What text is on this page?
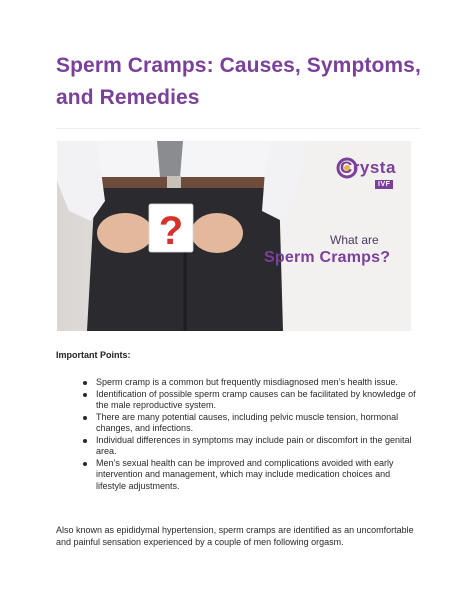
Sperm Cramps: Causes, Symptoms,
and Remedies
?
Crysta
IVF
What are
Sperm Cramps?
Important Points:
Sperm cramp is a common but frequently misdiagnosed men’s health issue.
Identification of possible sperm cramp causes can be facilitated by knowledge of the male reproductive system.
There are many potential causes, including pelvic muscle tension, hormonal changes, and infections.
Individual differences in symptoms may include pain or discomfort in the genital area.
Men’s sexual health can be improved and complications avoided with early intervention and management, which may include medication choices and lifestyle adjustments.

Also known as epididymal hypertension, sperm cramps are identified as an uncomfortable and painful sensation experienced by a couple of men following orgasm.
